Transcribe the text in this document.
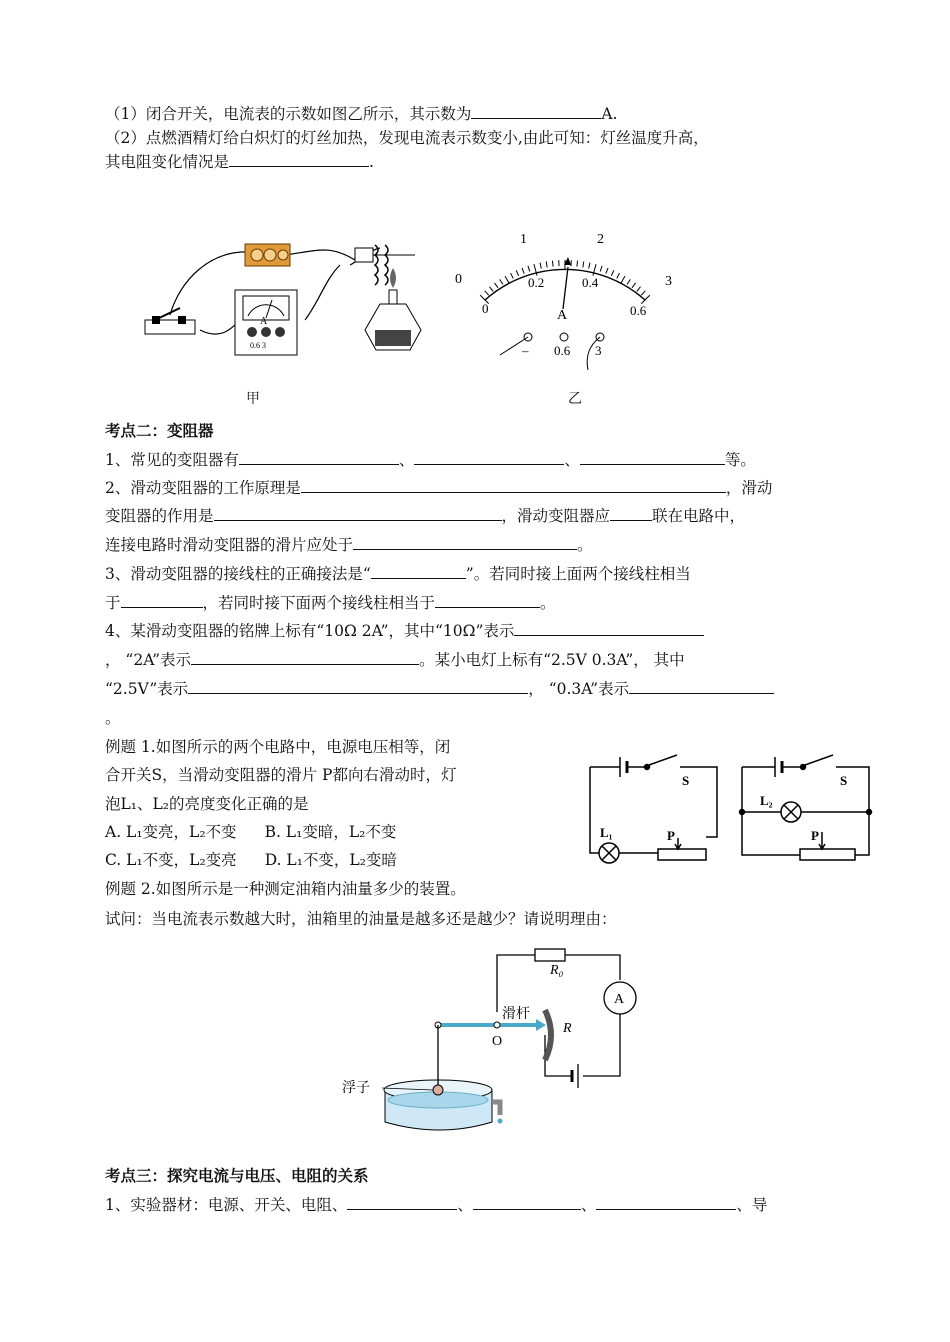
（1）闭合开关，电流表的示数如图乙所示，其示数为	A.
（2）点燃酒精灯给白炽灯的灯丝加热，发现电流表示数变小,由此可知：灯丝温度升高，
其电阻变化情况是	.
A
0.6 3
甲
0
1	2
3
0
0.2	0.4
0.6
A
– 0.6 3
乙
考点二：变阻器
1、常见的变阻器有	、	、	等。
2、滑动变阻器的工作原理是	，滑动
变阻器的作用是	，滑动变阻器应	联在电路中，
连接电路时滑动变阻器的滑片应处于	。
3、滑动变阻器的接线柱的正确接法是“	”。若同时接上面两个接线柱相当
于	，若同时接下面两个接线柱相当于	。
4、某滑动变阻器的铭牌上标有“10Ω 2A”，其中“10Ω”表示
， “2A”表示	。某小电灯上标有“2.5V 0.3A”， 其中
“2.5V”表示	， “0.3A”表示
。
例题 1.如图所示的两个电路中，电源电压相等，闭
合开关S，当滑动变阻器的滑片 P都向右滑动时，灯
泡L₁、L₂的亮度变化正确的是
A. L₁变亮，L₂不变 B. L₁变暗，L₂不变
C. L₁不变，L₂变亮 D. L₁不变，L₂变暗
S
L₁	P
S
L₂
P
例题 2.如图所示是一种测定油箱内油量多少的装置。
试问：当电流表示数越大时，油箱里的油量是越多还是越少？请说明理由：
R₀
A
滑杆
R
O
浮子
考点三：探究电流与电压、电阻的关系
1、实验器材：电源、开关、电阻、	、	、	、导
